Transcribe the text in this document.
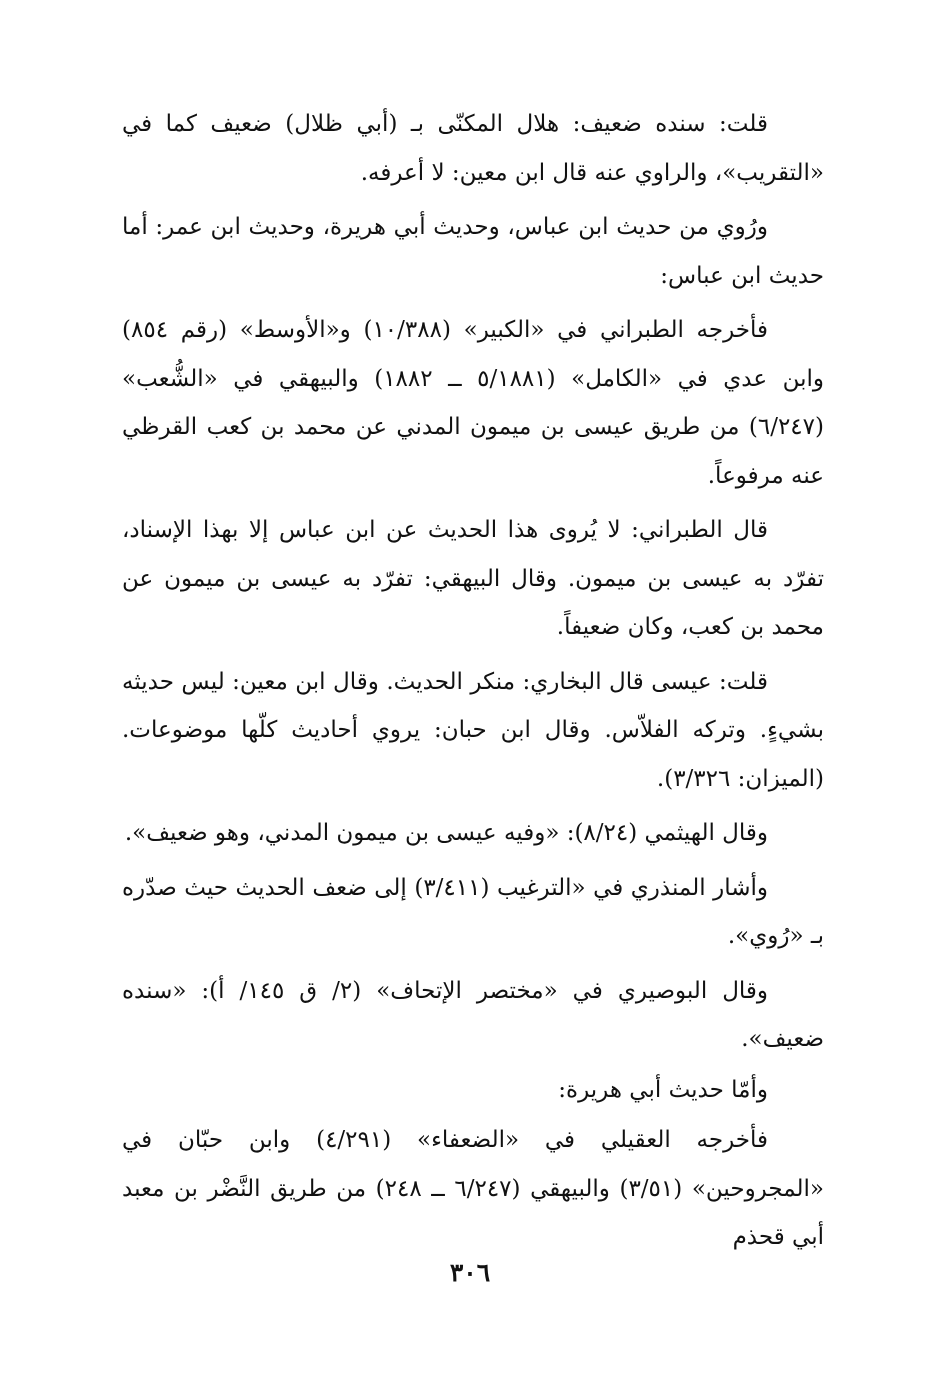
قلت: سنده ضعيف: هلال المكنّى بـ (أبي ظلال) ضعيف كما في «التقريب»، والراوي عنه قال ابن معين: لا أعرفه.

ورُوي من حديث ابن عباس، وحديث أبي هريرة، وحديث ابن عمر: أما حديث ابن عباس:

فأخرجه الطبراني في «الكبير» (١٠/٣٨٨) و«الأوسط» (رقم ٨٥٤) وابن عدي في «الكامل» (٥/١٨٨١ ــ ١٨٨٢) والبيهقي في «الشُّعب» (٦/٢٤٧) من طريق عيسى بن ميمون المدني عن محمد بن كعب القرظي عنه مرفوعاً.

قال الطبراني: لا يُروى هذا الحديث عن ابن عباس إلا بهذا الإسناد، تفرّد به عيسى بن ميمون. وقال البيهقي: تفرّد به عيسى بن ميمون عن محمد بن كعب، وكان ضعيفاً.

قلت: عيسى قال البخاري: منكر الحديث. وقال ابن معين: ليس حديثه بشيءٍ. وتركه الفلاّس. وقال ابن حبان: يروي أحاديث كلّها موضوعات. (الميزان: ٣/٣٢٦).

وقال الهيثمي (٨/٢٤): «وفيه عيسى بن ميمون المدني، وهو ضعيف».

وأشار المنذري في «الترغيب (٣/٤١١) إلى ضعف الحديث حيث صدّره بـ «رُوي».

وقال البوصيري في «مختصر الإتحاف» (٢/ ق ١٤٥/ أ): «سنده ضعيف».

وأمّا حديث أبي هريرة:

فأخرجه العقيلي في «الضعفاء» (٤/٢٩١) وابن حبّان في «المجروحين» (٣/٥١) والبيهقي (٦/٢٤٧ ــ ٢٤٨) من طريق النَّضْر بن معبد أبي قحذم

٣٠٦
